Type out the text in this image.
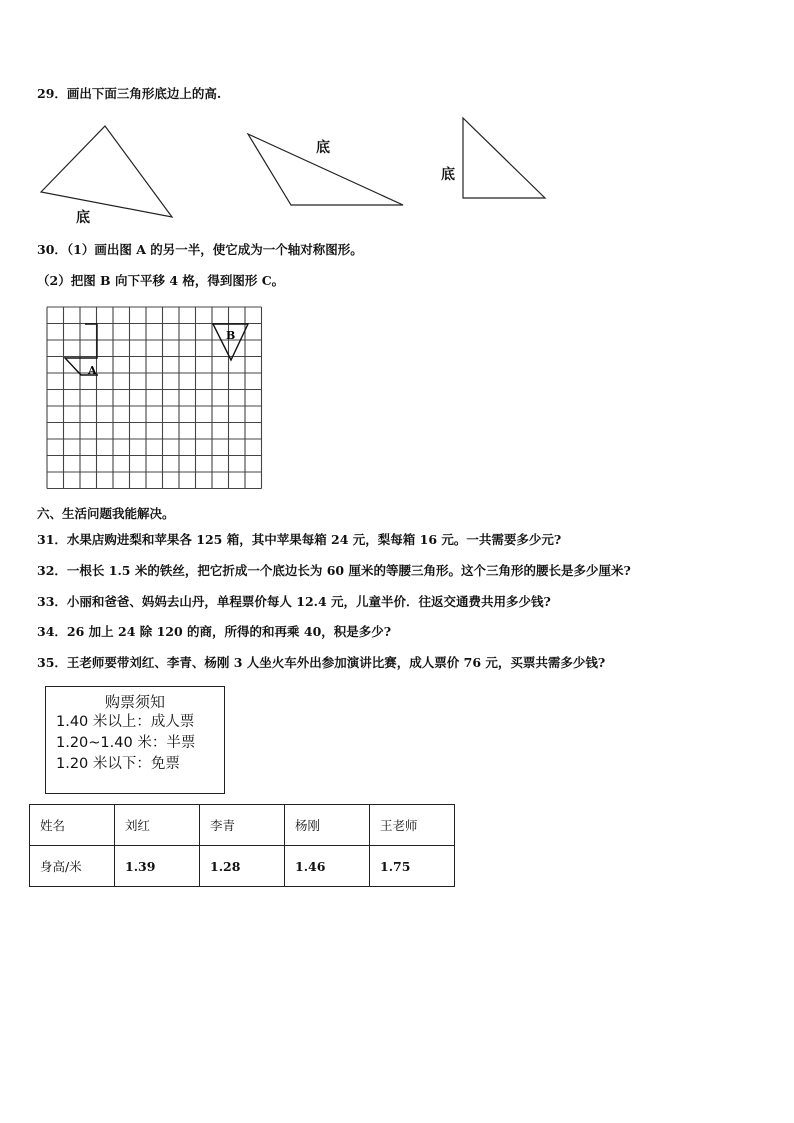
29．画出下面三角形底边上的高.
底
底
底
30．（1）画出图 A 的另一半，使它成为一个轴对称图形。
（2）把图 B 向下平移 4 格，得到图形 C。
A
B
六、生活问题我能解决。
31．水果店购进梨和苹果各 125 箱，其中苹果每箱 24 元，梨每箱 16 元。一共需要多少元?
32．一根长 1.5 米的铁丝，把它折成一个底边长为 60 厘米的等腰三角形。这个三角形的腰长是多少厘米?
33．小丽和爸爸、妈妈去山丹，单程票价每人 12.4 元，儿童半价．往返交通费共用多少钱?
34．26 加上 24 除 120 的商，所得的和再乘 40，积是多少?
35．王老师要带刘红、李青、杨刚 3 人坐火车外出参加演讲比赛，成人票价 76 元，买票共需多少钱?
购票须知
1.40 米以上：成人票
1.20~1.40 米：半票
1.20 米以下：免票
姓名	刘红	李青	杨刚	王老师
身高/米	1.39	1.28	1.46	1.75
